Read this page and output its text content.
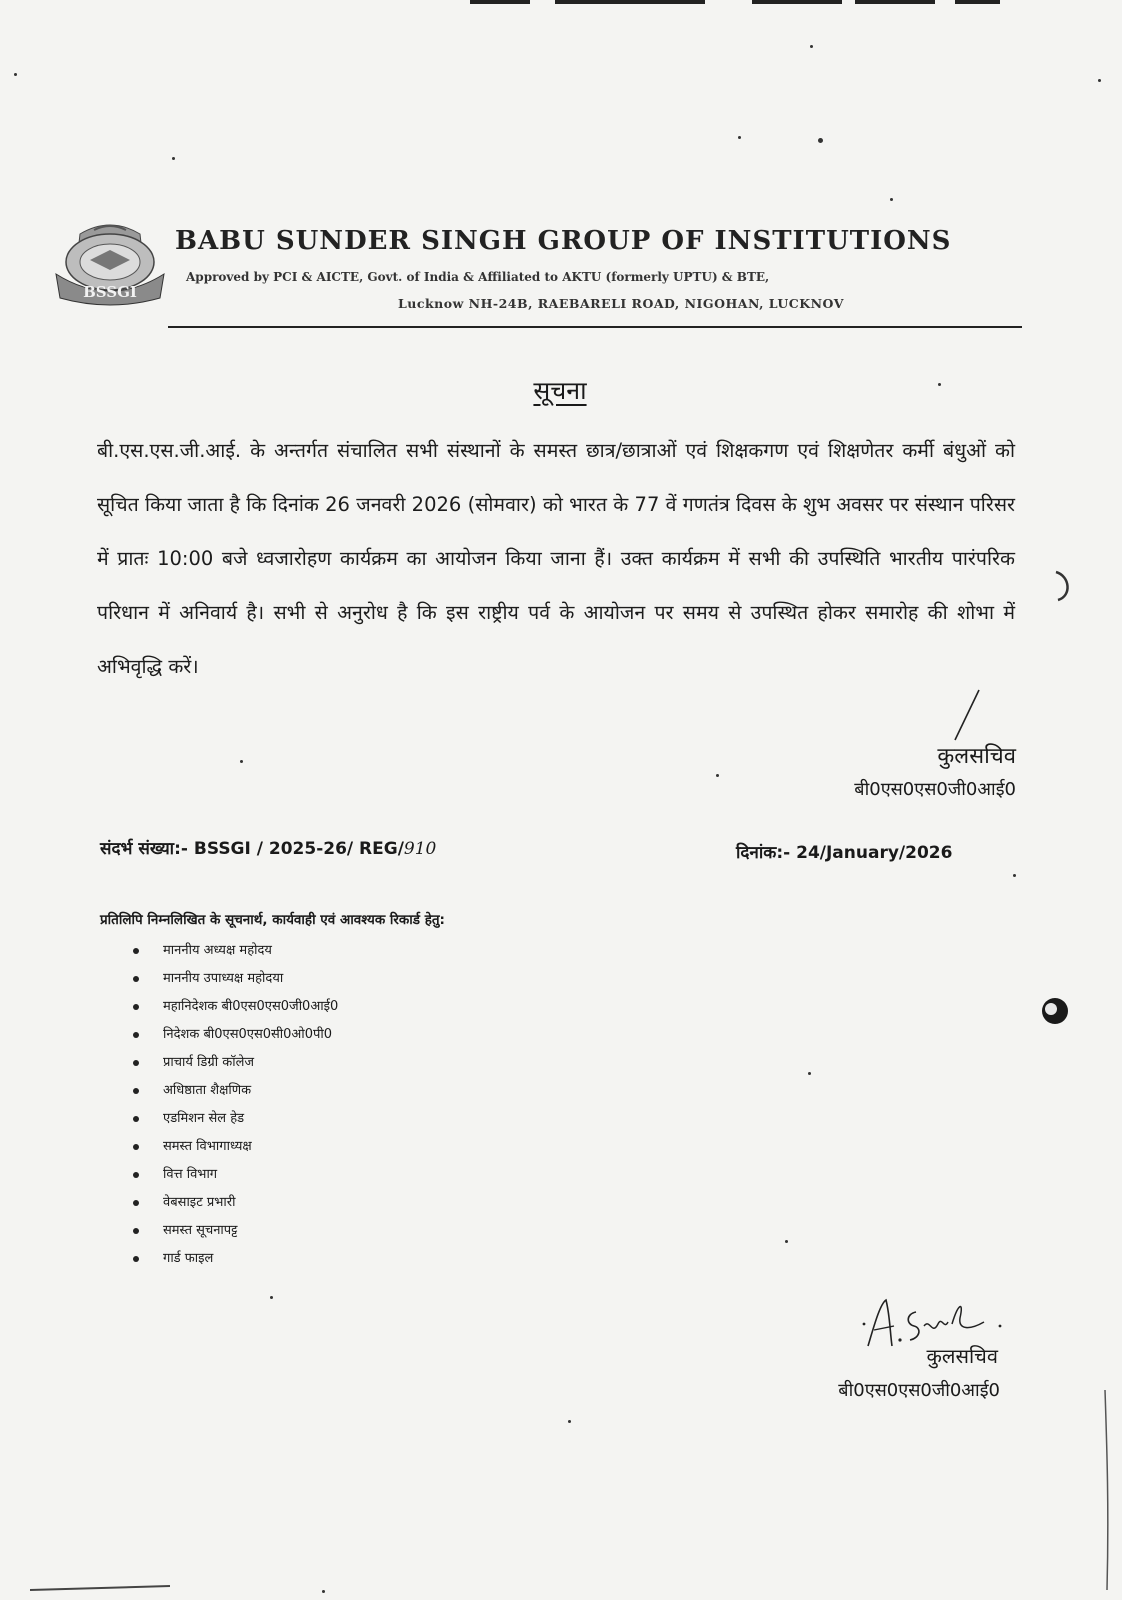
BSSGI
BABU SUNDER SINGH GROUP OF INSTITUTIONS
Approved by PCI & AICTE, Govt. of India & Affiliated to AKTU (formerly UPTU) & BTE,
Lucknow NH-24B, RAEBARELI ROAD, NIGOHAN, LUCKNOV
सूचना
बी.एस.एस.जी.आई. के अन्तर्गत संचालित सभी संस्थानों के समस्त छात्र/छात्राओं एवं शिक्षकगण एवं शिक्षणेतर कर्मी बंधुओं को सूचित किया जाता है कि दिनांक 26 जनवरी 2026 (सोमवार) को भारत के 77 वें गणतंत्र दिवस के शुभ अवसर पर संस्थान परिसर में प्रातः 10:00 बजे ध्वजारोहण कार्यक्रम का आयोजन किया जाना हैं। उक्त कार्यक्रम में सभी की उपस्थिति भारतीय पारंपरिक परिधान में अनिवार्य है। सभी से अनुरोध है कि इस राष्ट्रीय पर्व के आयोजन पर समय से उपस्थित होकर समारोह की शोभा में अभिवृद्धि करें।
कुलसचिव
बी0एस0एस0जी0आई0
संदर्भ संख्या:- BSSGI / 2025-26/ REG/910	दिनांक:- 24/January/2026
प्रतिलिपि निम्नलिखित के सूचनार्थ, कार्यवाही एवं आवश्यक रिकार्ड हेतु:
माननीय अध्यक्ष महोदय
माननीय उपाध्यक्ष महोदया
महानिदेशक बी0एस0एस0जी0आई0
निदेशक बी0एस0एस0सी0ओ0पी0
प्राचार्य डिग्री कॉलेज
अधिष्ठाता शैक्षणिक
एडमिशन सेल हेड
समस्त विभागाध्यक्ष
वित्त विभाग
वेबसाइट प्रभारी
समस्त सूचनापट्ट
गार्ड फाइल
कुलसचिव
बी0एस0एस0जी0आई0
